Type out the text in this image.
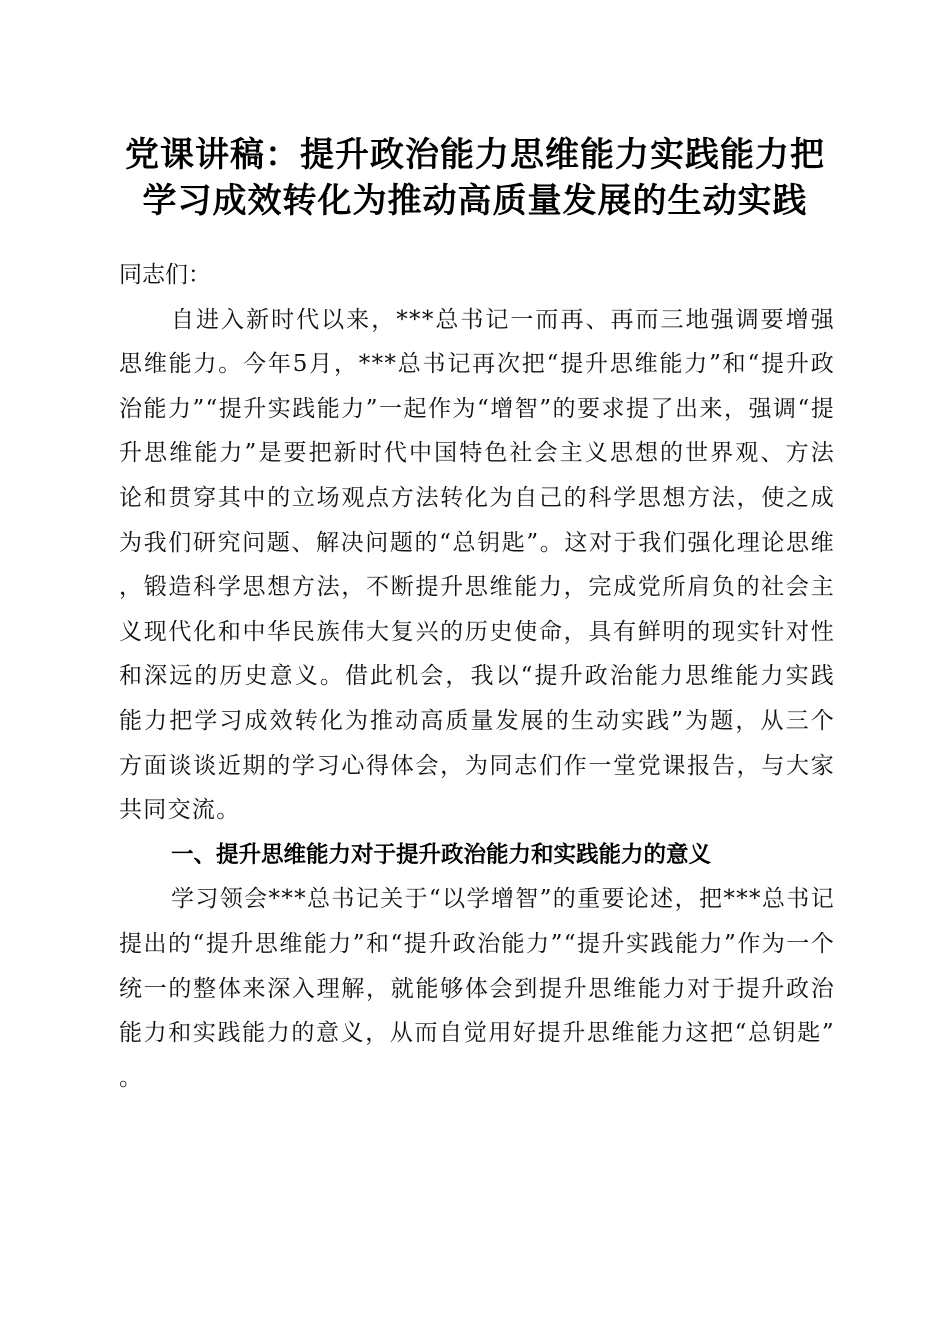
党课讲稿：提升政治能力思维能力实践能力把
学习成效转化为推动高质量发展的生动实践

同志们：

自进入新时代以来，***总书记一而再、再而三地强调要增强思维能力。今年5月，***总书记再次把“提升思维能力”和“提升政治能力”“提升实践能力”一起作为“增智”的要求提了出来，强调“提升思维能力”是要把新时代中国特色社会主义思想的世界观、方法论和贯穿其中的立场观点方法转化为自己的科学思想方法，使之成为我们研究问题、解决问题的“总钥匙”。这对于我们强化理论思维，锻造科学思想方法，不断提升思维能力，完成党所肩负的社会主义现代化和中华民族伟大复兴的历史使命，具有鲜明的现实针对性和深远的历史意义。借此机会，我以“提升政治能力思维能力实践能力把学习成效转化为推动高质量发展的生动实践”为题，从三个方面谈谈近期的学习心得体会，为同志们作一堂党课报告，与大家共同交流。

一、提升思维能力对于提升政治能力和实践能力的意义

学习领会***总书记关于“以学增智”的重要论述，把***总书记提出的“提升思维能力”和“提升政治能力”“提升实践能力”作为一个统一的整体来深入理解，就能够体会到提升思维能力对于提升政治能力和实践能力的意义，从而自觉用好提升思维能力这把“总钥匙”。
